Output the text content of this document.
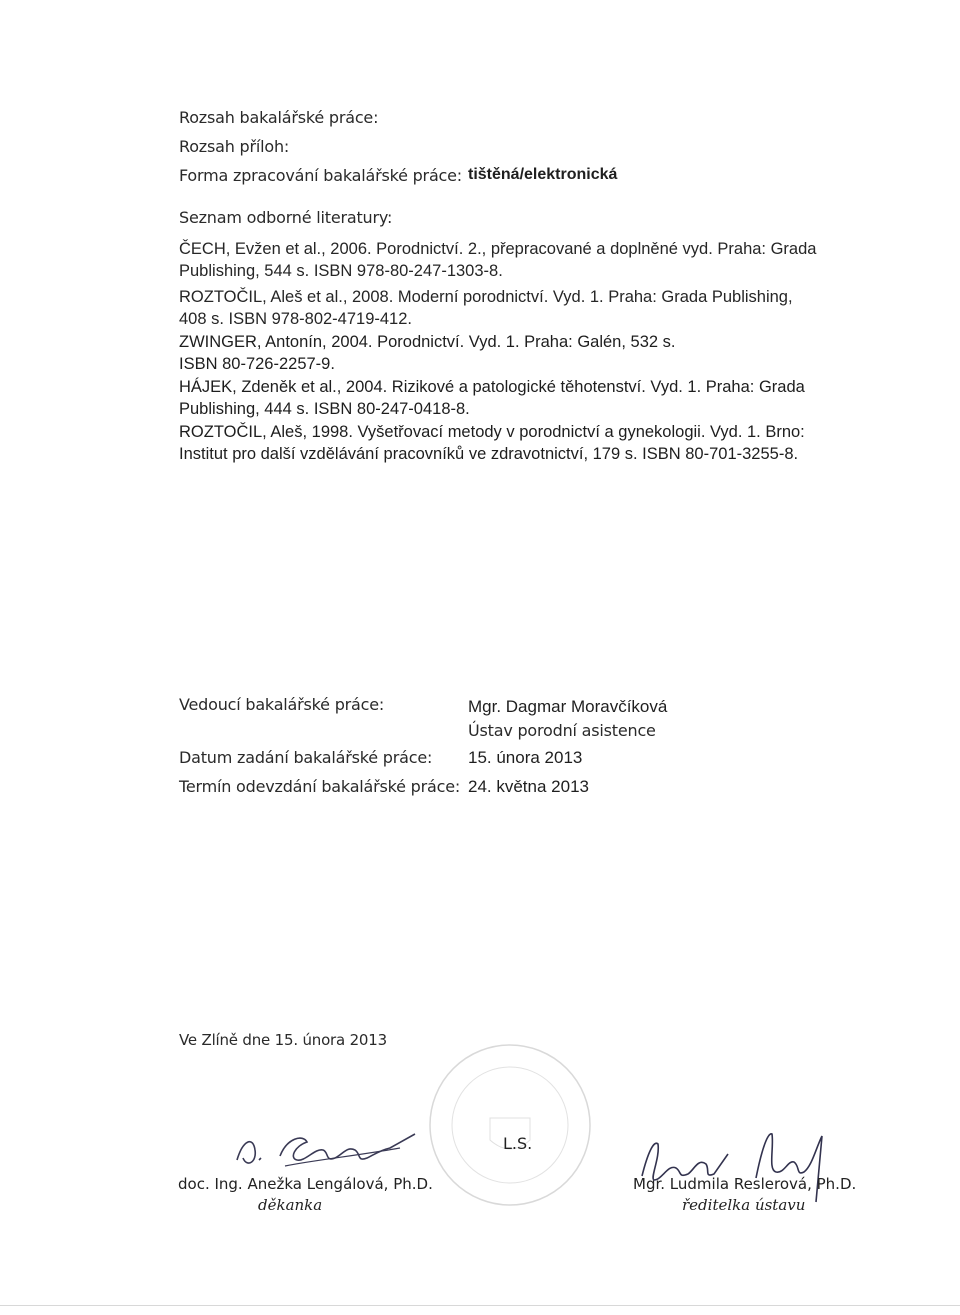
Rozsah bakalářské práce:
Rozsah příloh:
Forma zpracování bakalářské práce: tištěná/elektronická
Seznam odborné literatury:
ČECH, Evžen et al., 2006. Porodnictví. 2., přepracované a doplněné vyd. Praha: Grada
Publishing, 544 s. ISBN 978-80-247-1303-8.
ROZTOČIL, Aleš et al., 2008. Moderní porodnictví. Vyd. 1. Praha: Grada Publishing,
408 s. ISBN 978-802-4719-412.
ZWINGER, Antonín, 2004. Porodnictví. Vyd. 1. Praha: Galén, 532 s.
ISBN 80-726-2257-9.
HÁJEK, Zdeněk et al., 2004. Rizikové a patologické těhotenství. Vyd. 1. Praha: Grada
Publishing, 444 s. ISBN 80-247-0418-8.
ROZTOČIL, Aleš, 1998. Vyšetřovací metody v porodnictví a gynekologii. Vyd. 1. Brno:
Institut pro další vzdělávání pracovníků ve zdravotnictví, 179 s. ISBN 80-701-3255-8.
Vedoucí bakalářské práce:	Mgr. Dagmar Moravčíková
Ústav porodní asistence
Datum zadání bakalářské práce: 15. února 2013
Termín odevzdání bakalářské práce: 24. května 2013
Ve Zlíně dne 15. února 2013
L.S.
doc. Ing. Anežka Lengálová, Ph.D.
děkanka
Mgr. Ludmila Reslerová, Ph.D.
ředitelka ústavu
